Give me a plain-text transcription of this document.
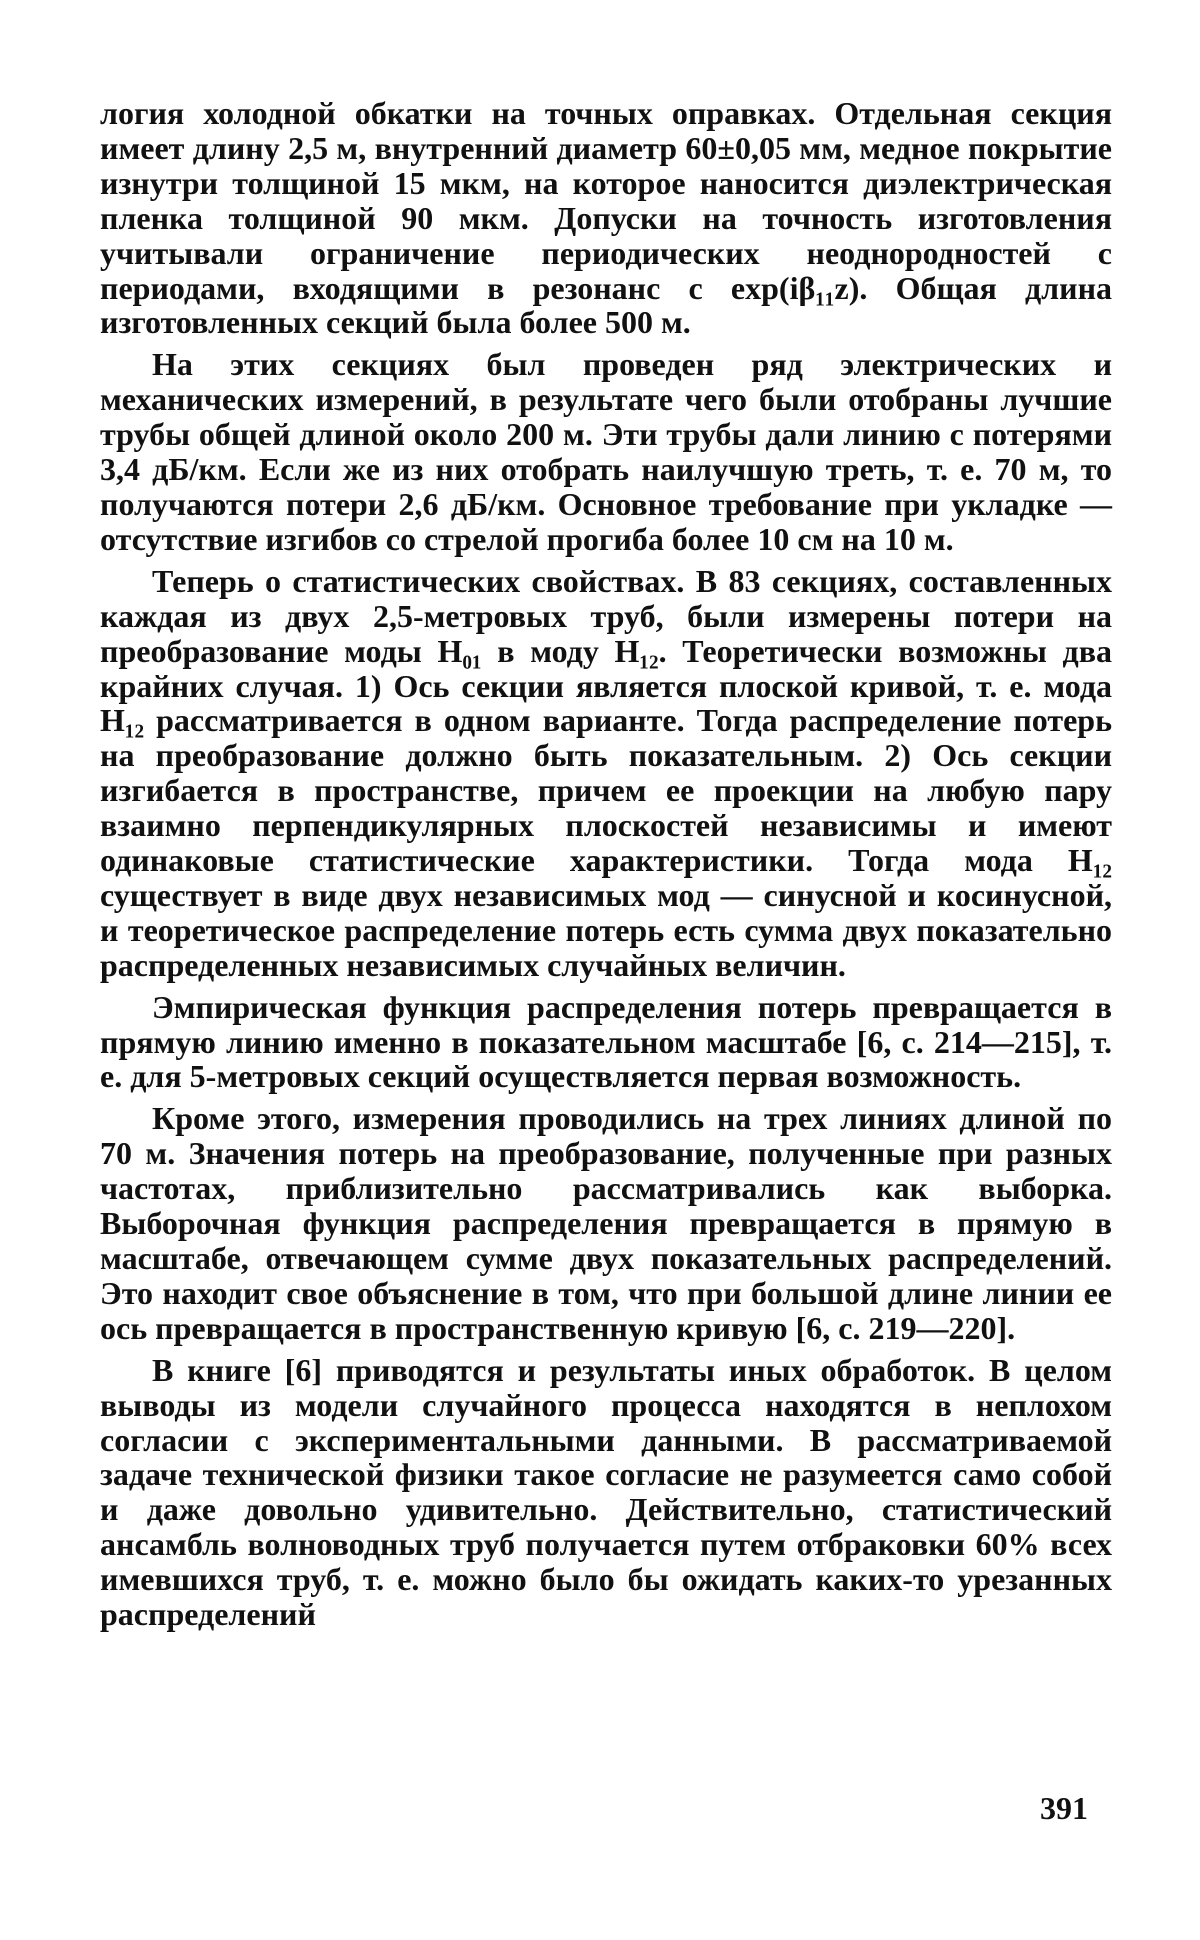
логия холодной обкатки на точных оправках. Отдельная секция имеет длину 2,5 м, внутренний диаметр 60±0,05 мм, медное покрытие изнутри толщиной 15 мкм, на которое наносится диэлектрическая пленка толщиной 90 мкм. Допуски на точность изготовления учитывали ограничение периодических неоднородностей с периодами, входящими в резонанс с exp(iβ₁₁z). Общая длина изготовленных секций была более 500 м.

На этих секциях был проведен ряд электрических и механических измерений, в результате чего были отобраны лучшие трубы общей длиной около 200 м. Эти трубы дали линию с потерями 3,4 дБ/км. Если же из них отобрать наилучшую треть, т. е. 70 м, то получаются потери 2,6 дБ/км. Основное требование при укладке — отсутствие изгибов со стрелой прогиба более 10 см на 10 м.

Теперь о статистических свойствах. В 83 секциях, составленных каждая из двух 2,5-метровых труб, были измерены потери на преобразование моды H₀₁ в моду H₁₂. Теоретически возможны два крайних случая. 1) Ось секции является плоской кривой, т. е. мода H₁₂ рассматривается в одном варианте. Тогда распределение потерь на преобразование должно быть показательным. 2) Ось секции изгибается в пространстве, причем ее проекции на любую пару взаимно перпендикулярных плоскостей независимы и имеют одинаковые статистические характеристики. Тогда мода H₁₂ существует в виде двух независимых мод — синусной и косинусной, и теоретическое распределение потерь есть сумма двух показательно распределенных независимых случайных величин.

Эмпирическая функция распределения потерь превращается в прямую линию именно в показательном масштабе [6, с. 214—215], т. е. для 5-метровых секций осуществляется первая возможность.

Кроме этого, измерения проводились на трех линиях длиной по 70 м. Значения потерь на преобразование, полученные при разных частотах, приблизительно рассматривались как выборка. Выборочная функция распределения превращается в прямую в масштабе, отвечающем сумме двух показательных распределений. Это находит свое объяснение в том, что при большой длине линии ее ось превращается в пространственную кривую [6, с. 219—220].

В книге [6] приводятся и результаты иных обработок. В целом выводы из модели случайного процесса находятся в неплохом согласии с экспериментальными данными. В рассматриваемой задаче технической физики такое согласие не разумеется само собой и даже довольно удивительно. Действительно, статистический ансамбль волноводных труб получается путем отбраковки 60% всех имевшихся труб, т. е. можно было бы ожидать каких-то урезанных распределений

391
